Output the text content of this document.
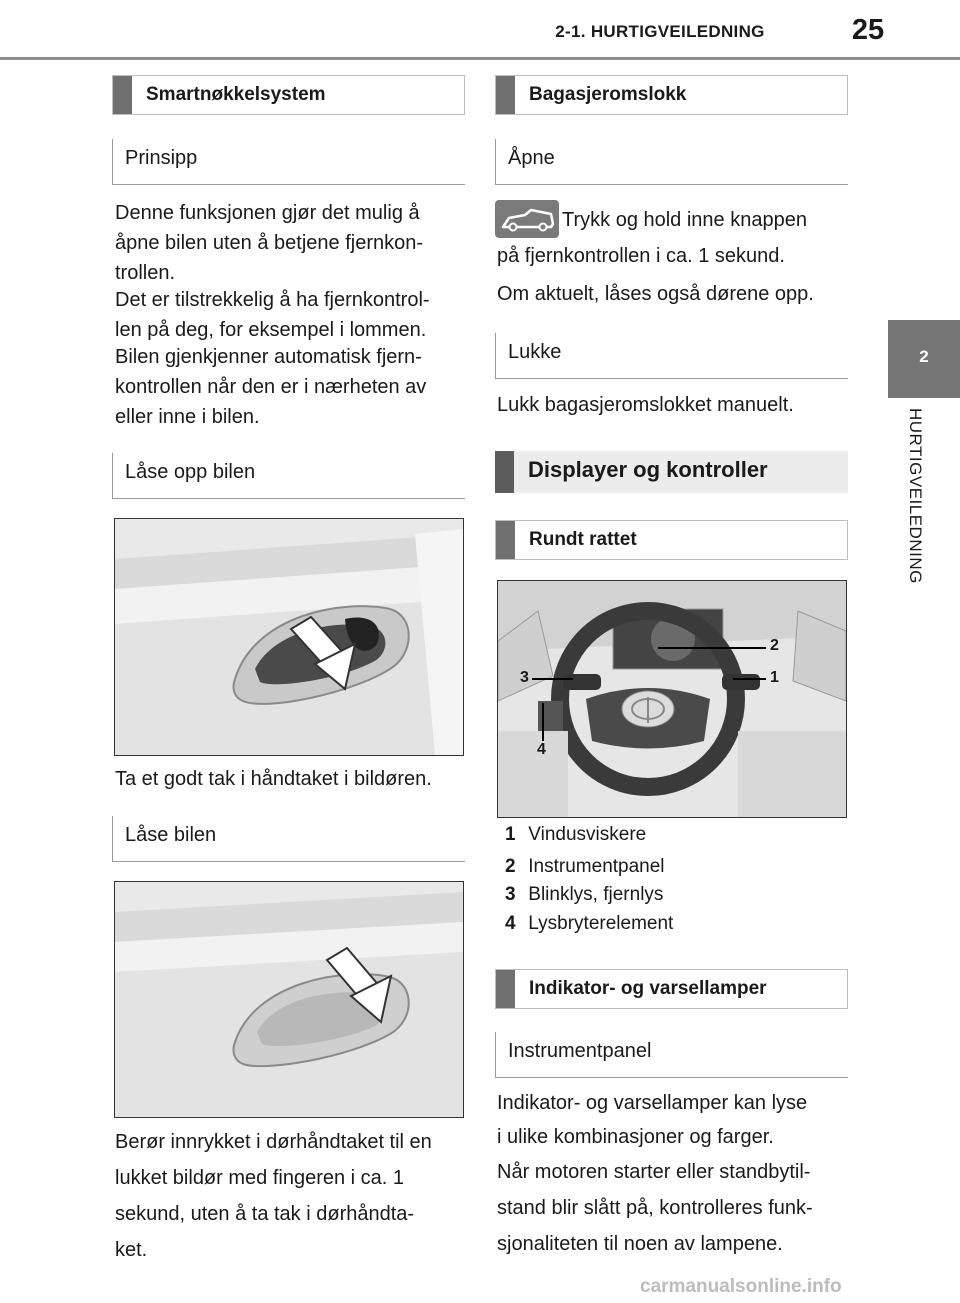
2-1. HURTIGVEILEDNING	25
2
HURTIGVEILEDNING
Smartnøkkelsystem
Prinsipp
Denne funksjonen gjør det mulig å
åpne bilen uten å betjene fjernkon-
trollen.
Det er tilstrekkelig å ha fjernkontrol-
len på deg, for eksempel i lommen.
Bilen gjenkjenner automatisk fjern-
kontrollen når den er i nærheten av
eller inne i bilen.
Låse opp bilen
Ta et godt tak i håndtaket i bildøren.
Låse bilen
Berør innrykket i dørhåndtaket til en
lukket bildør med fingeren i ca. 1
sekund, uten å ta tak i dørhåndta-
ket.
Bagasjeromslokk
Åpne
Trykk og hold inne knappen
på fjernkontrollen i ca. 1 sekund.
Om aktuelt, låses også dørene opp.
Lukke
Lukk bagasjeromslokket manuelt.
Displayer og kontroller
Rundt rattet
2
1
3
4
1 Vindusviskere
2 Instrumentpanel
3 Blinklys, fjernlys
4 Lysbryterelement
Indikator- og varsellamper
Instrumentpanel
Indikator- og varsellamper kan lyse
i ulike kombinasjoner og farger.
Når motoren starter eller standbytil-
stand blir slått på, kontrolleres funk-
sjonaliteten til noen av lampene.
carmanualsonline.info
